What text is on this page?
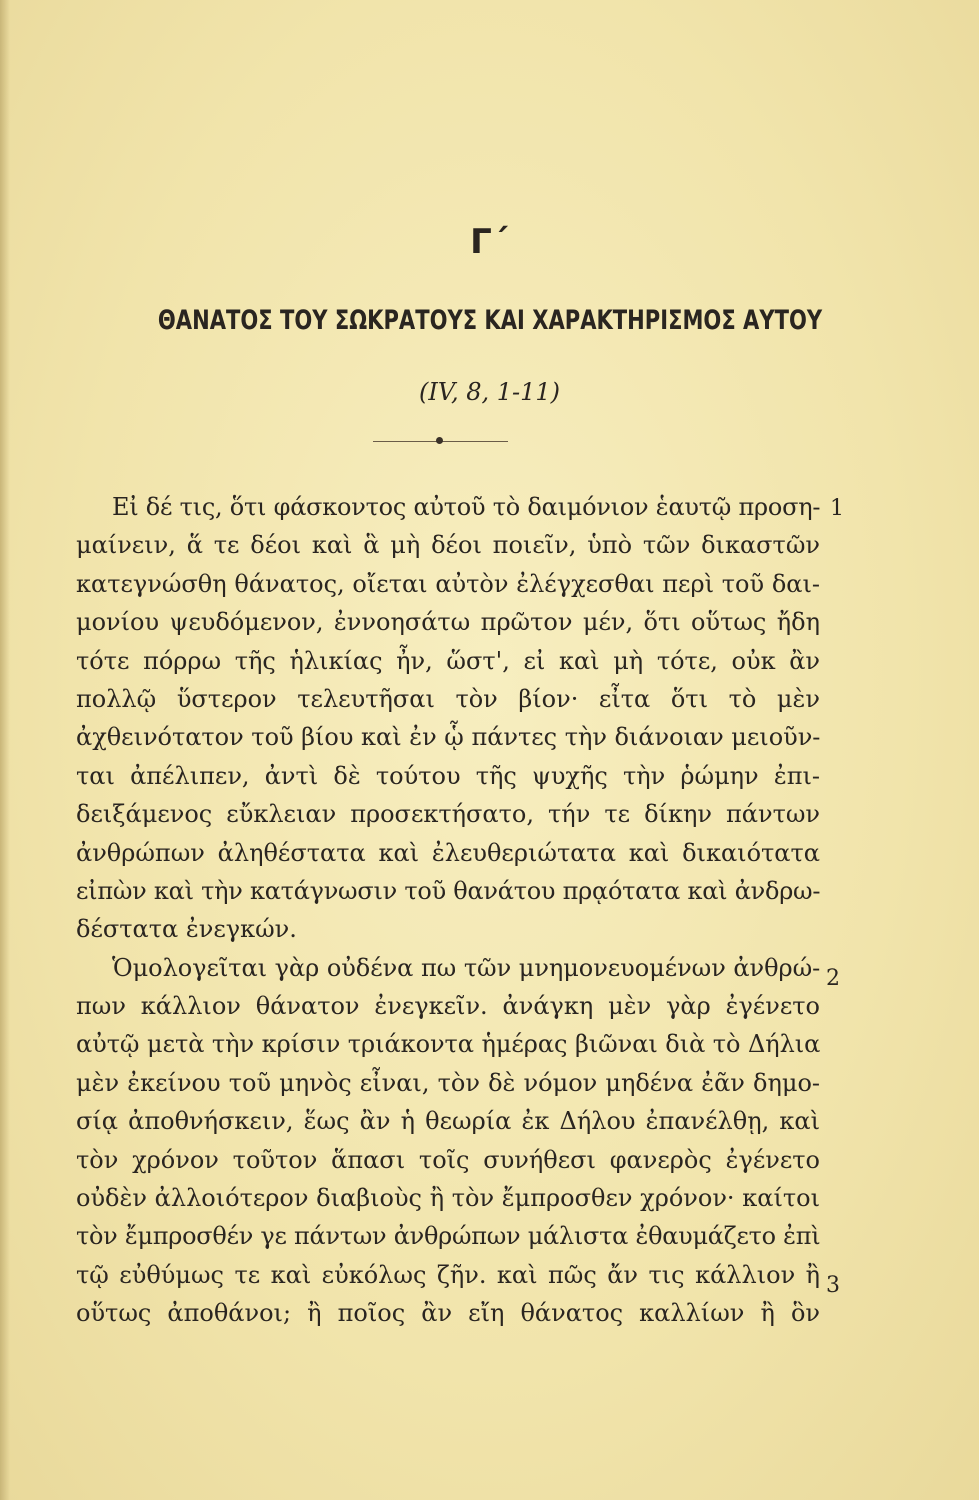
Γ΄
ΘΑΝΑΤΟΣ ΤΟΥ ΣΩΚΡΑΤΟΥΣ ΚΑΙ ΧΑΡΑΚΤΗΡΙΣΜΟΣ ΑΥΤΟΥ
(IV, 8, 1-11)
Εἰ δέ τις, ὅτι φάσκοντος αὐτοῦ τὸ δαιμόνιον ἑαυτῷ προση-
μαίνειν, ἅ τε δέοι καὶ ἃ μὴ δέοι ποιεῖν, ὑπὸ τῶν δικαστῶν
κατεγνώσθη θάνατος, οἴεται αὐτὸν ἐλέγχεσθαι περὶ τοῦ δαι-
μονίου ψευδόμενον, ἐννοησάτω πρῶτον μέν, ὅτι οὕτως ἤδη
τότε πόρρω τῆς ἡλικίας ἦν, ὥστ', εἰ καὶ μὴ τότε, οὐκ ἂν
πολλῷ ὕστερον τελευτῆσαι τὸν βίον· εἶτα ὅτι τὸ μὲν
ἀχθεινότατον τοῦ βίου καὶ ἐν ᾧ πάντες τὴν διάνοιαν μειοῦν-
ται ἀπέλιπεν, ἀντὶ δὲ τούτου τῆς ψυχῆς τὴν ῥώμην ἐπι-
δειξάμενος εὔκλειαν προσεκτήσατο, τήν τε δίκην πάντων
ἀνθρώπων ἀληθέστατα καὶ ἐλευθεριώτατα καὶ δικαιότατα
εἰπὼν καὶ τὴν κατάγνωσιν τοῦ θανάτου πρᾳότατα καὶ ἀνδρω-
δέστατα ἐνεγκών.
Ὁμολογεῖται γὰρ οὐδένα πω τῶν μνημονευομένων ἀνθρώ-
πων κάλλιον θάνατον ἐνεγκεῖν. ἀνάγκη μὲν γὰρ ἐγένετο
αὐτῷ μετὰ τὴν κρίσιν τριάκοντα ἡμέρας βιῶναι διὰ τὸ Δήλια
μὲν ἐκείνου τοῦ μηνὸς εἶναι, τὸν δὲ νόμον μηδένα ἐᾶν δημο-
σίᾳ ἀποθνήσκειν, ἕως ἂν ἡ θεωρία ἐκ Δήλου ἐπανέλθῃ, καὶ
τὸν χρόνον τοῦτον ἅπασι τοῖς συνήθεσι φανερὸς ἐγένετο
οὐδὲν ἀλλοιότερον διαβιοὺς ἢ τὸν ἔμπροσθεν χρόνον· καίτοι
τὸν ἔμπροσθέν γε πάντων ἀνθρώπων μάλιστα ἐθαυμάζετο ἐπὶ
τῷ εὐθύμως τε καὶ εὐκόλως ζῆν. καὶ πῶς ἄν τις κάλλιον ἢ
οὕτως ἀποθάνοι; ἢ ποῖος ἂν εἴη θάνατος καλλίων ἢ ὃν
1
2
3
